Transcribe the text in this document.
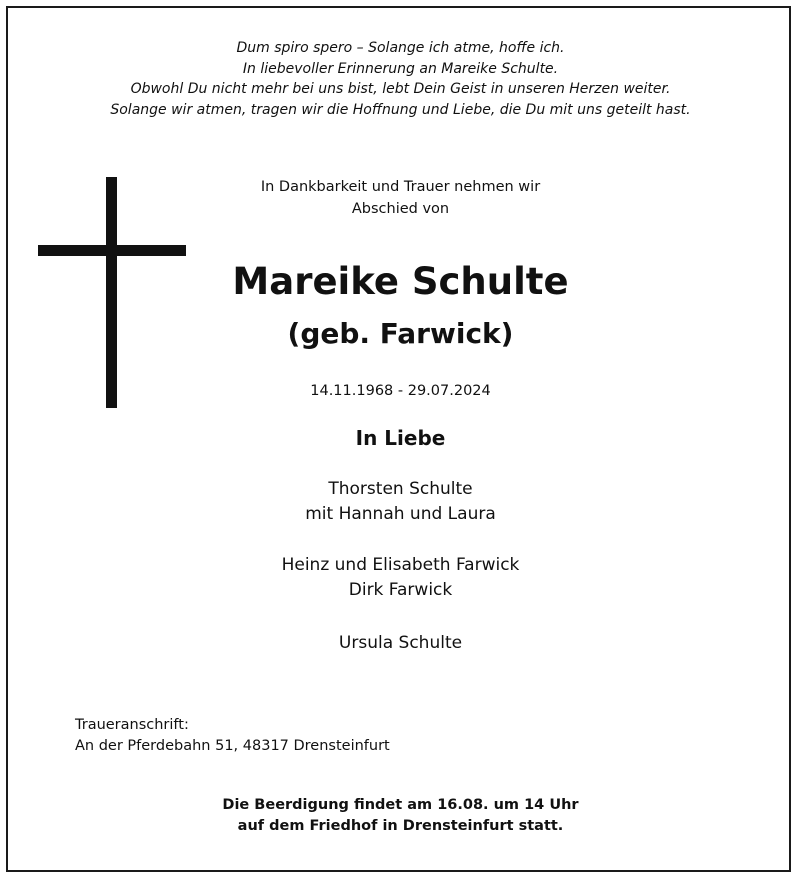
Dum spiro spero – Solange ich atme, hoffe ich.
In liebevoller Erinnerung an Mareike Schulte.
Obwohl Du nicht mehr bei uns bist, lebt Dein Geist in unseren Herzen weiter.
Solange wir atmen, tragen wir die Hoffnung und Liebe, die Du mit uns geteilt hast.
In Dankbarkeit und Trauer nehmen wir
Abschied von
Mareike Schulte
(geb. Farwick)
14.11.1968 - 29.07.2024
In Liebe
Thorsten Schulte
mit Hannah und Laura
Heinz und Elisabeth Farwick
Dirk Farwick
Ursula Schulte
Traueranschrift:
An der Pferdebahn 51, 48317 Drensteinfurt
Die Beerdigung findet am 16.08. um 14 Uhr
auf dem Friedhof in Drensteinfurt statt.
